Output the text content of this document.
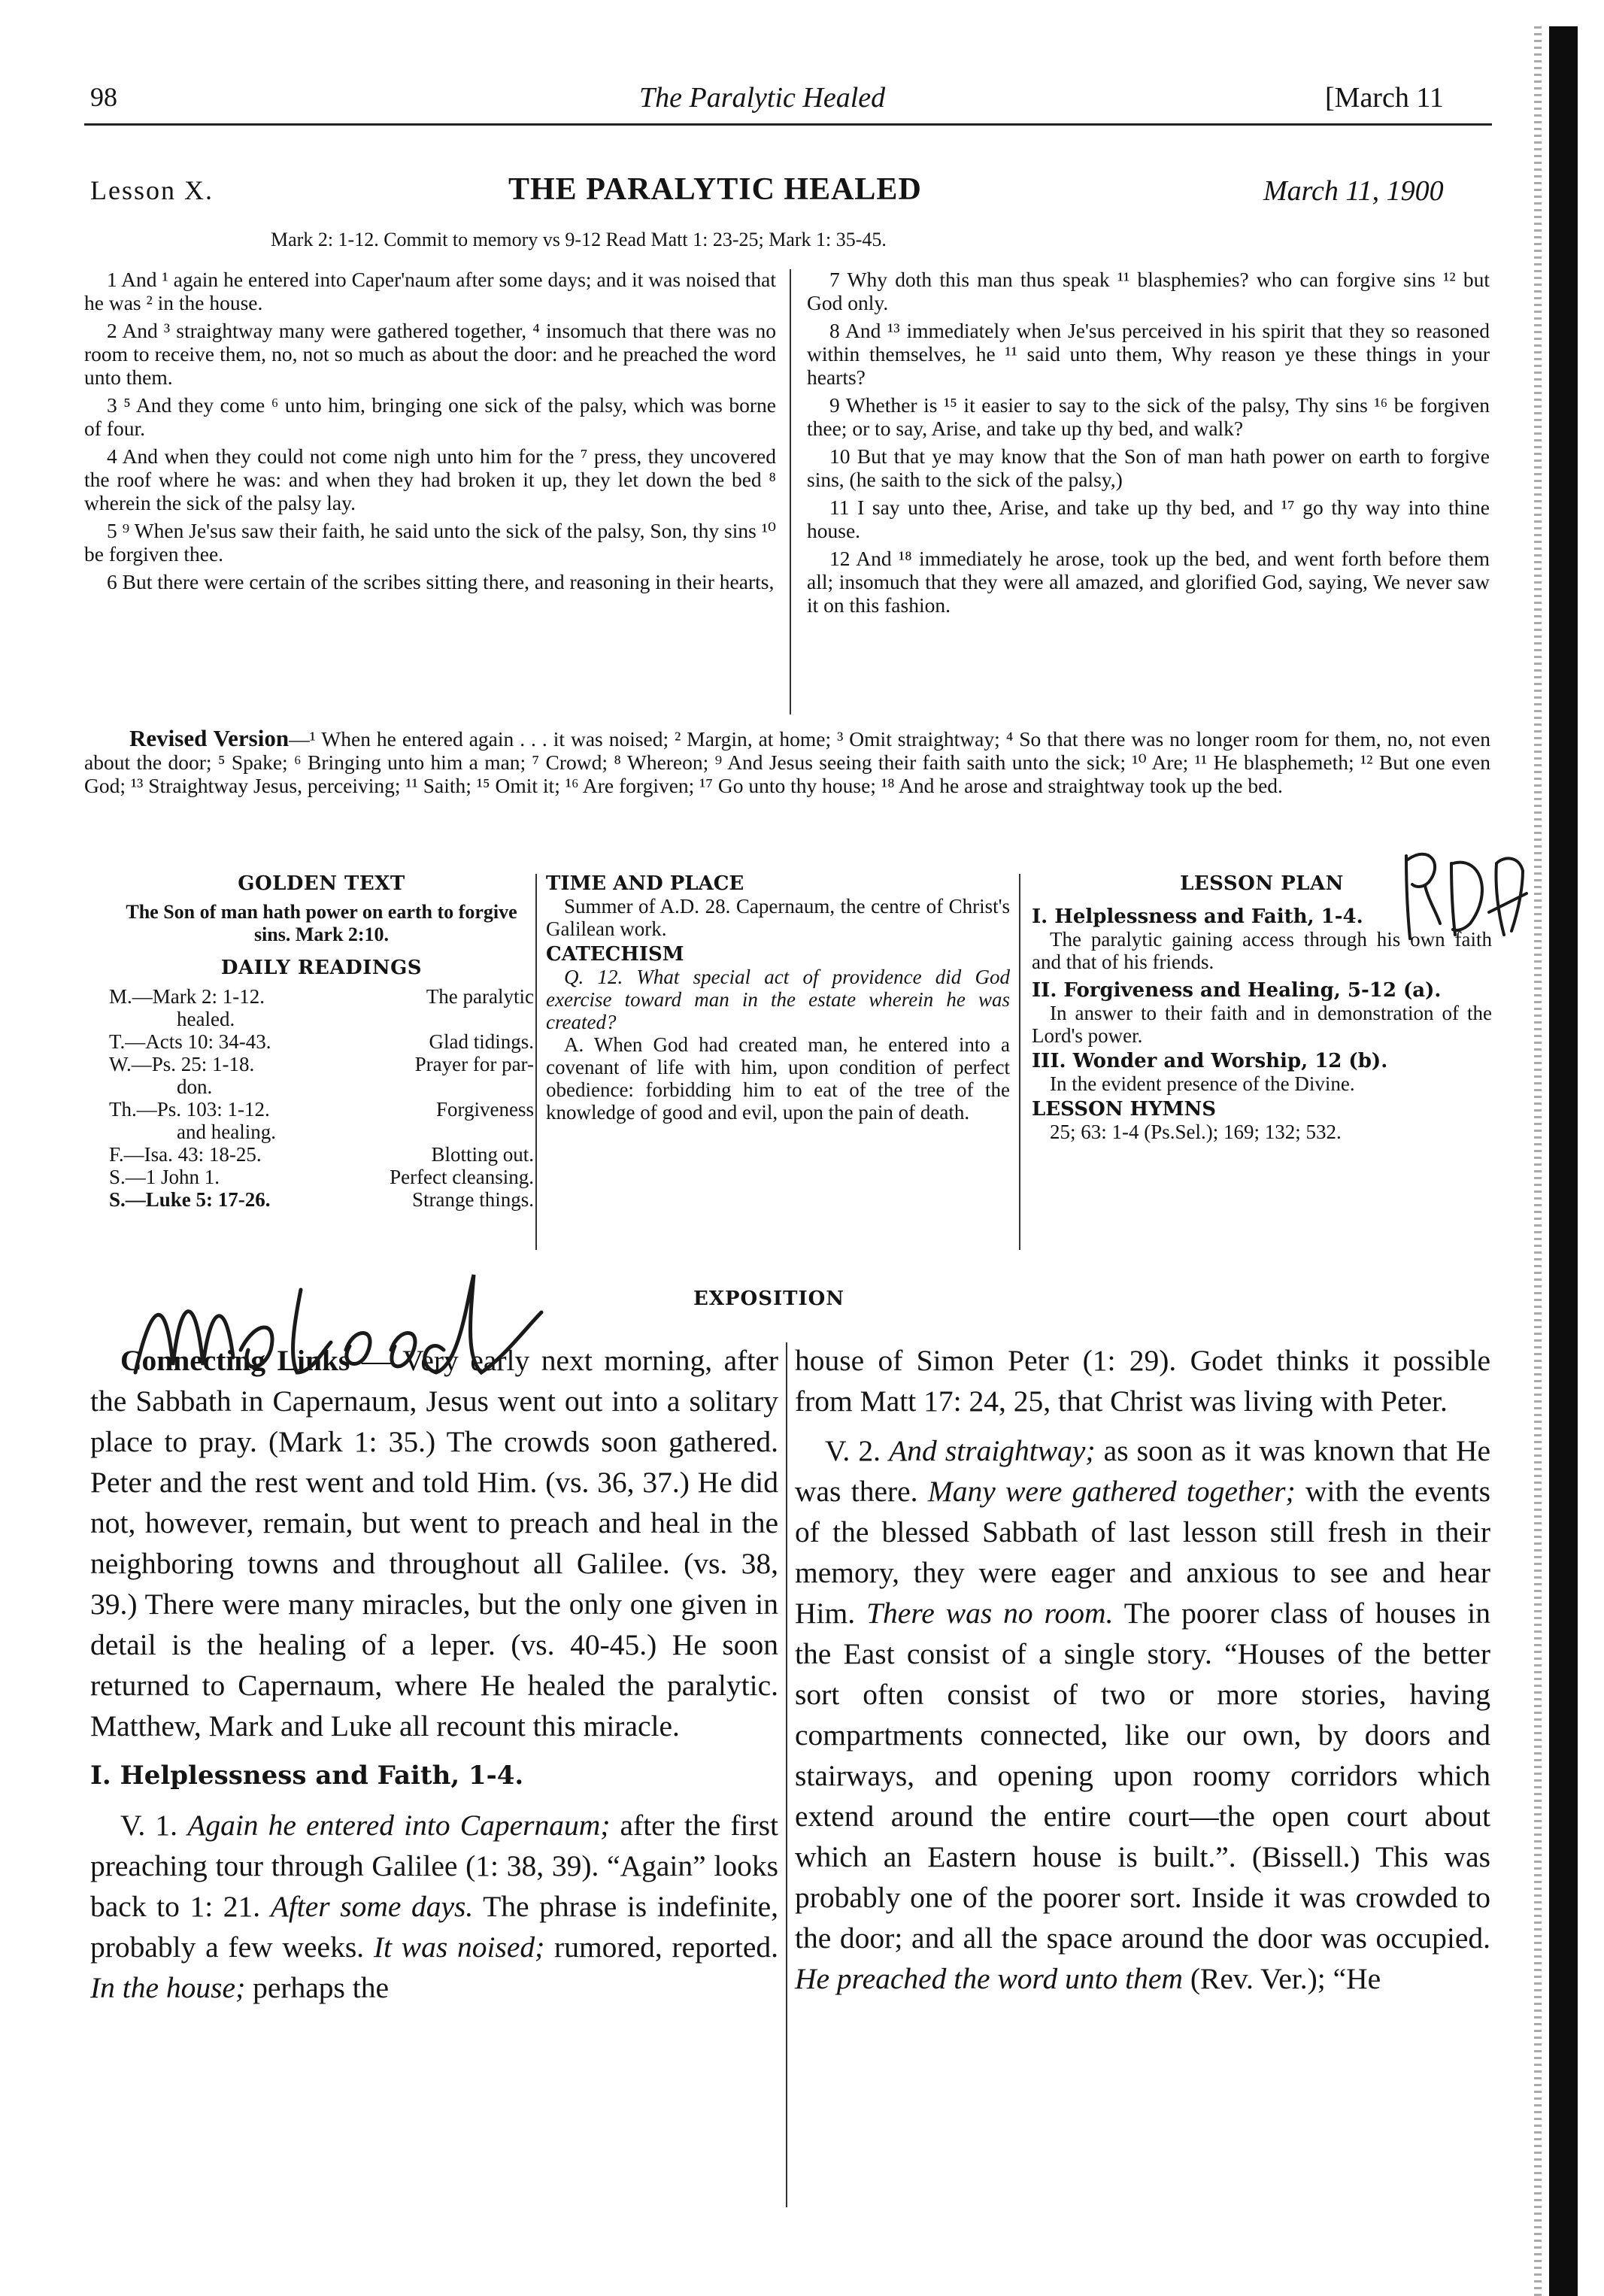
98	The Paralytic Healed	[March 11
Lesson X.	THE PARALYTIC HEALED	March 11, 1900
Mark 2: 1-12. Commit to memory vs 9-12 Read Matt 1: 23-25; Mark 1: 35-45.

1 And ¹ again he entered into Caper'naum after some days; and it was noised that he was ² in the house.

2 And ³ straightway many were gathered together, ⁴ insomuch that there was no room to receive them, no, not so much as about the door: and he preached the word unto them.

3 ⁵ And they come ⁶ unto him, bringing one sick of the palsy, which was borne of four.

4 And when they could not come nigh unto him for the ⁷ press, they uncovered the roof where he was: and when they had broken it up, they let down the bed ⁸ wherein the sick of the palsy lay.

5 ⁹ When Je'sus saw their faith, he said unto the sick of the palsy, Son, thy sins ¹⁰ be forgiven thee.

6 But there were certain of the scribes sitting there, and reasoning in their hearts,

7 Why doth this man thus speak ¹¹ blasphemies? who can forgive sins ¹² but God only.

8 And ¹³ immediately when Je'sus perceived in his spirit that they so reasoned within themselves, he ¹¹ said unto them, Why reason ye these things in your hearts?

9 Whether is ¹⁵ it easier to say to the sick of the palsy, Thy sins ¹⁶ be forgiven thee; or to say, Arise, and take up thy bed, and walk?

10 But that ye may know that the Son of man hath power on earth to forgive sins, (he saith to the sick of the palsy,)

11 I say unto thee, Arise, and take up thy bed, and ¹⁷ go thy way into thine house.

12 And ¹⁸ immediately he arose, took up the bed, and went forth before them all; insomuch that they were all amazed, and glorified God, saying, We never saw it on this fashion.

Revised Version—¹ When he entered again . . . it was noised; ² Margin, at home; ³ Omit straightway; ⁴ So that there was no longer room for them, no, not even about the door; ⁵ Spake; ⁶ Bringing unto him a man; ⁷ Crowd; ⁸ Whereon; ⁹ And Jesus seeing their faith saith unto the sick; ¹⁰ Are; ¹¹ He blasphemeth; ¹² But one even God; ¹³ Straightway Jesus, perceiving; ¹¹ Saith; ¹⁵ Omit it; ¹⁶ Are forgiven; ¹⁷ Go unto thy house; ¹⁸ And he arose and straightway took up the bed.
GOLDEN TEXT
The Son of man hath power on earth to forgive sins. Mark 2:10.
DAILY READINGS
M.—Mark 2: 1-12.	The paralytic
healed.
T.—Acts 10: 34-43.	Glad tidings.
W.—Ps. 25: 1-18.	Prayer for par-
don.
Th.—Ps. 103: 1-12.	Forgiveness
and healing.
F.—Isa. 43: 18-25.	Blotting out.
S.—1 John 1.	Perfect cleansing.
S.—Luke 5: 17-26.	Strange things.
TIME AND PLACE

Summer of A.D. 28. Capernaum, the centre of Christ's Galilean work.

CATECHISM

Q. 12. What special act of providence did God exercise toward man in the estate wherein he was created?

A. When God had created man, he entered into a covenant of life with him, upon condition of perfect obedience: forbidding him to eat of the tree of the knowledge of good and evil, upon the pain of death.

LESSON PLAN

I. Helplessness and Faith, 1-4.

The paralytic gaining access through his own faith and that of his friends.

II. Forgiveness and Healing, 5-12 (a).

In answer to their faith and in demonstration of the Lord's power.

III. Wonder and Worship, 12 (b).

In the evident presence of the Divine.

LESSON HYMNS

25; 63: 1-4 (Ps.Sel.); 169; 132; 532.

EXPOSITION

Connecting Links — Very early next morning, after the Sabbath in Capernaum, Jesus went out into a solitary place to pray. (Mark 1: 35.) The crowds soon gathered. Peter and the rest went and told Him. (vs. 36, 37.) He did not, however, remain, but went to preach and heal in the neighboring towns and throughout all Galilee. (vs. 38, 39.) There were many miracles, but the only one given in detail is the healing of a leper. (vs. 40-45.) He soon returned to Capernaum, where He healed the paralytic. Matthew, Mark and Luke all recount this miracle.

I. Helplessness and Faith, 1-4.

V. 1. Again he entered into Capernaum; after the first preaching tour through Galilee (1: 38, 39). “Again” looks back to 1: 21. After some days. The phrase is indefinite, probably a few weeks. It was noised; rumored, reported. In the house; perhaps the

house of Simon Peter (1: 29). Godet thinks it possible from Matt 17: 24, 25, that Christ was living with Peter.

V. 2. And straightway; as soon as it was known that He was there. Many were gathered together; with the events of the blessed Sabbath of last lesson still fresh in their memory, they were eager and anxious to see and hear Him. There was no room. The poorer class of houses in the East consist of a single story. “Houses of the better sort often consist of two or more stories, having compartments connected, like our own, by doors and stairways, and opening upon roomy corridors which extend around the entire court—the open court about which an Eastern house is built.”. (Bissell.) This was probably one of the poorer sort. Inside it was crowded to the door; and all the space around the door was occupied. He preached the word unto them (Rev. Ver.); “He
